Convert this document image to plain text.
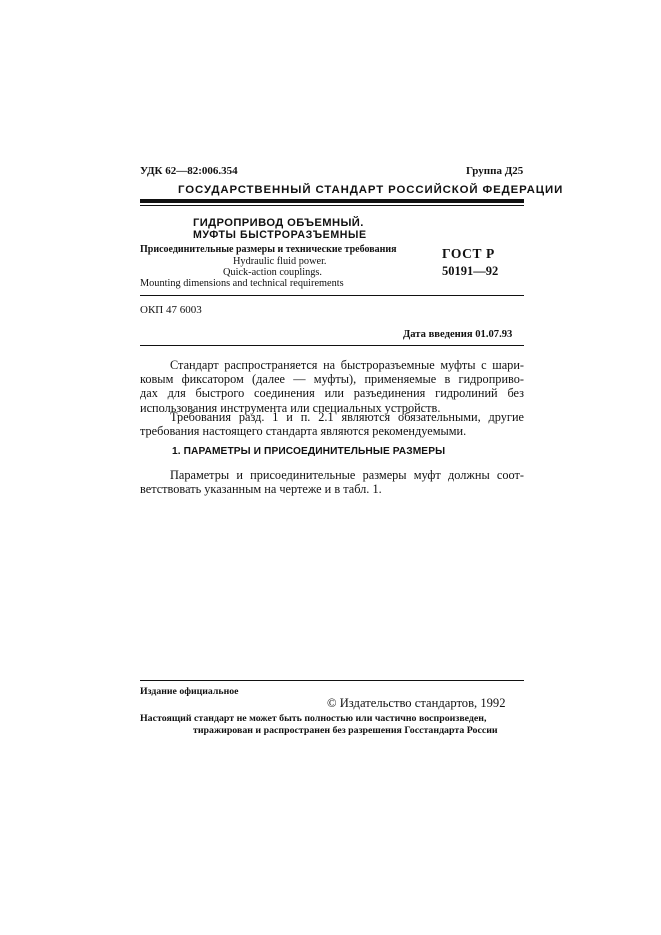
УДК 62—82:006.354	Группа Д25
ГОСУДАРСТВЕННЫЙ СТАНДАРТ РОССИЙСКОЙ ФЕДЕРАЦИИ
ГИДРОПРИВОД ОБЪЕМНЫЙ.
МУФТЫ БЫСТРОРАЗЪЕМНЫЕ
Присоединительные размеры и технические требования
Hydraulic fluid power.
Quick-action couplings.
Mounting dimensions and technical requirements
ГОСТ Р
50191—92
ОКП 47 6003
Дата введения 01.07.93
Стандарт распространяется на быстроразъемные муфты с шари-
ковым фиксатором (далее — муфты), применяемые в гидроприво-
дах для быстрого соединения или разъединения гидролиний без
использования инструмента или специальных устройств.
Требования разд. 1 и п. 2.1 являются обязательными, другие
требования настоящего стандарта являются рекомендуемыми.
1. ПАРАМЕТРЫ И ПРИСОЕДИНИТЕЛЬНЫЕ РАЗМЕРЫ
Параметры и присоединительные размеры муфт должны соот-
ветствовать указанным на чертеже и в табл. 1.
Издание официальное
© Издательство стандартов, 1992
Настоящий стандарт не может быть полностью или частично воспроизведен,
тиражирован и распространен без разрешения Госстандарта России
